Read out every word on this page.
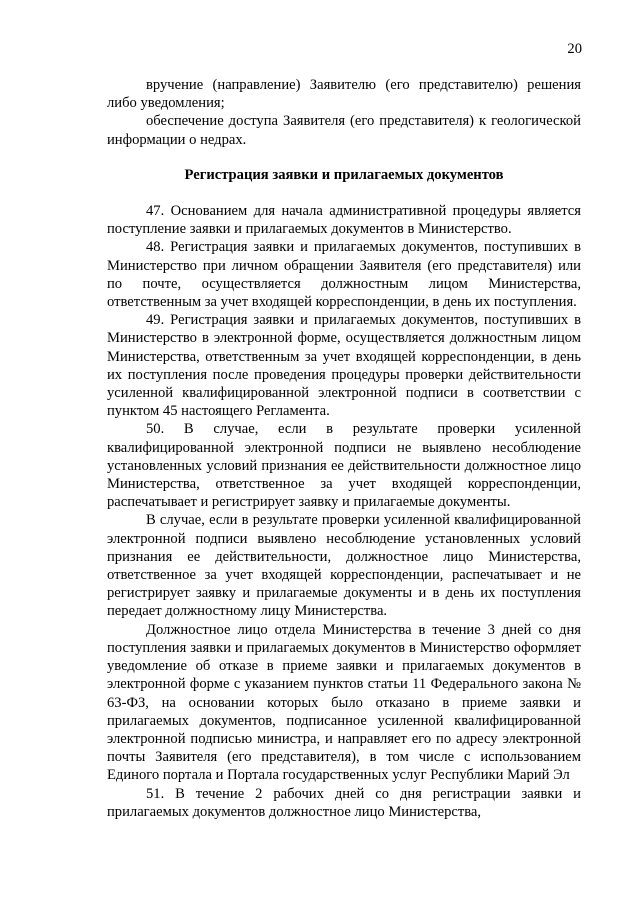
20

вручение (направление) Заявителю (его представителю) решения либо уведомления;

обеспечение доступа Заявителя (его представителя) к геологической информации о недрах.

Регистрация заявки и прилагаемых документов

47. Основанием для начала административной процедуры является поступление заявки и прилагаемых документов в Министерство.

48. Регистрация заявки и прилагаемых документов, поступивших в Министерство при личном обращении Заявителя (его представителя) или по почте, осуществляется должностным лицом Министерства, ответственным за учет входящей корреспонденции, в день их поступления.

49. Регистрация заявки и прилагаемых документов, поступивших в Министерство в электронной форме, осуществляется должностным лицом Министерства, ответственным за учет входящей корреспонденции, в день их поступления после проведения процедуры проверки действительности усиленной квалифицированной электронной подписи в соответствии с пунктом 45 настоящего Регламента.

50. В случае, если в результате проверки усиленной квалифицированной электронной подписи не выявлено несоблюдение установленных условий признания ее действительности должностное лицо Министерства, ответственное за учет входящей корреспонденции, распечатывает и регистрирует заявку и прилагаемые документы.

В случае, если в результате проверки усиленной квалифицированной электронной подписи выявлено несоблюдение установленных условий признания ее действительности, должностное лицо Министерства, ответственное за учет входящей корреспонденции, распечатывает и не регистрирует заявку и прилагаемые документы и в день их поступления передает должностному лицу Министерства.

Должностное лицо отдела Министерства в течение 3 дней со дня поступления заявки и прилагаемых документов в Министерство оформляет уведомление об отказе в приеме заявки и прилагаемых документов в электронной форме с указанием пунктов статьи 11 Федерального закона № 63-ФЗ, на основании которых было отказано в приеме заявки и прилагаемых документов, подписанное усиленной квалифицированной электронной подписью министра, и направляет его по адресу электронной почты Заявителя (его представителя), в том числе с использованием Единого портала и Портала государственных услуг Республики Марий Эл

51. В течение 2 рабочих дней со дня регистрации заявки и прилагаемых документов должностное лицо Министерства,
